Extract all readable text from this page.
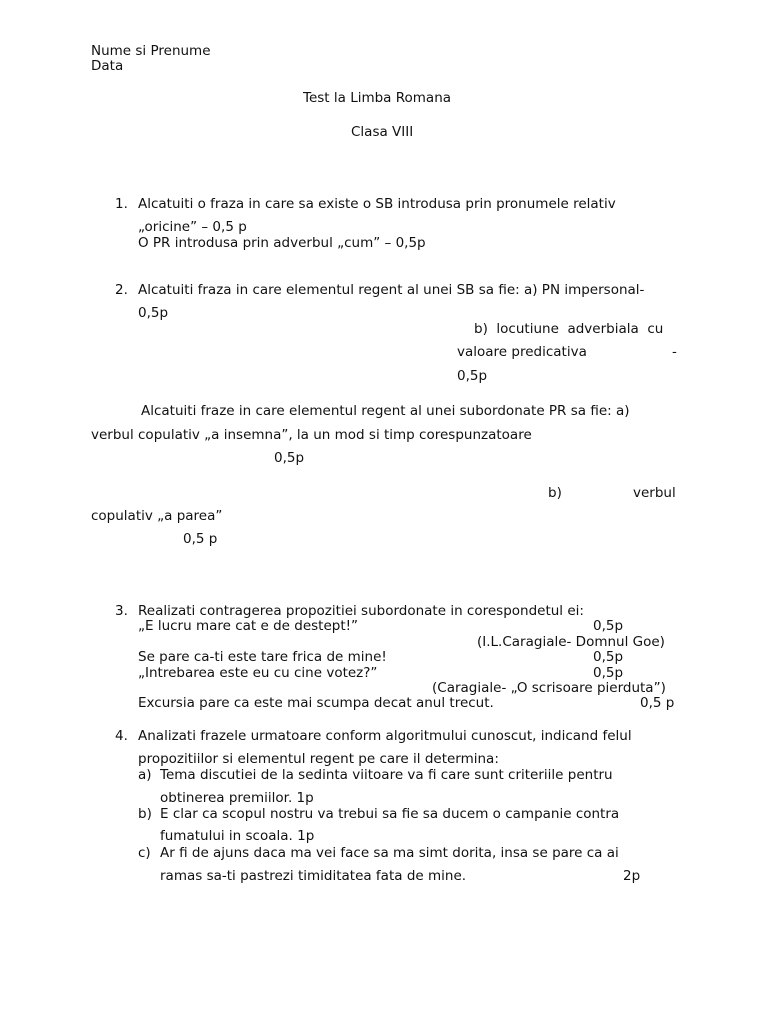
Nume si Prenume
Data
Test la Limba Romana
Clasa VIII
1. Alcatuiti o fraza in care sa existe o SB introdusa prin pronumele relativ
„oricine” – 0,5 p
O PR introdusa prin adverbul „cum” – 0,5p
2. Alcatuiti fraza in care elementul regent al unei SB sa fie: a) PN impersonal-
0,5p
b)  locutiune  adverbiala  cu
valoare predicativa	-
0,5p
Alcatuiti fraze in care elementul regent al unei subordonate PR sa fie: a)
verbul copulativ „a insemna”, la un mod si timp corespunzatoare
0,5p
b)	verbul
copulativ „a parea”
0,5 p
3. Realizati contragerea propozitiei subordonate in corespondetul ei:
„E lucru mare cat e de destept!”	0,5p
(I.L.Caragiale- Domnul Goe)
Se pare ca-ti este tare frica de mine!	0,5p
„Intrebarea este eu cu cine votez?”	0,5p
(Caragiale- „O scrisoare pierduta”)
Excursia pare ca este mai scumpa decat anul trecut.	0,5 p
4. Analizati frazele urmatoare conform algoritmului cunoscut, indicand felul
propozitiilor si elementul regent pe care il determina:
a) Tema discutiei de la sedinta viitoare va fi care sunt criteriile pentru
obtinerea premiilor. 1p
b) E clar ca scopul nostru va trebui sa fie sa ducem o campanie contra
fumatului in scoala. 1p
c) Ar fi de ajuns daca ma vei face sa ma simt dorita, insa se pare ca ai
ramas sa-ti pastrezi timiditatea fata de mine.	2p
